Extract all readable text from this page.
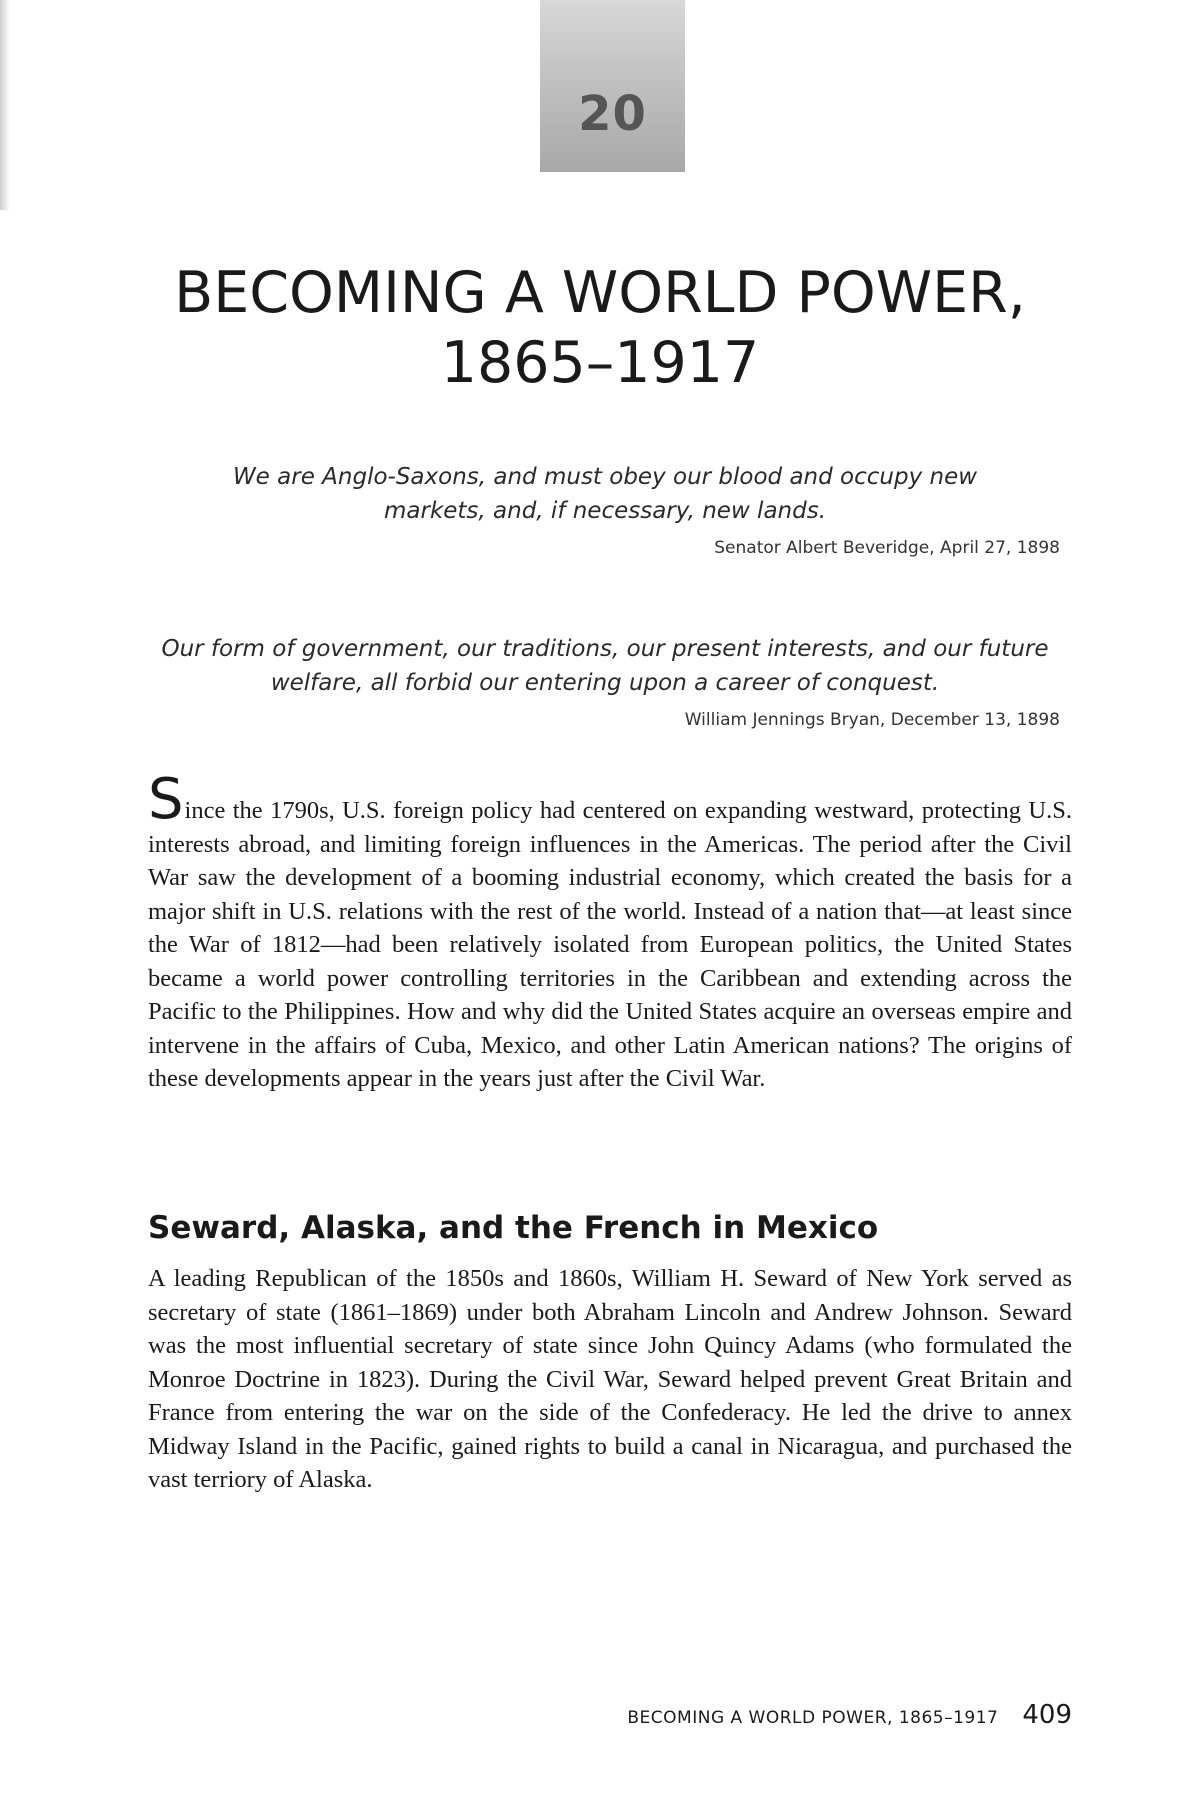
20
BECOMING A WORLD POWER,
1865–1917

We are Anglo-Saxons, and must obey our blood and occupy new markets, and, if necessary, new lands.

Senator Albert Beveridge, April 27, 1898

Our form of government, our traditions, our present interests, and our future welfare, all forbid our entering upon a career of conquest.

William Jennings Bryan, December 13, 1898

Since the 1790s, U.S. foreign policy had centered on expanding westward, protecting U.S. interests abroad, and limiting foreign influences in the Americas. The period after the Civil War saw the development of a booming industrial economy, which created the basis for a major shift in U.S. relations with the rest of the world. Instead of a nation that—at least since the War of 1812—had been relatively isolated from European politics, the United States became a world power controlling territories in the Caribbean and extending across the Pacific to the Philippines. How and why did the United States acquire an overseas empire and intervene in the affairs of Cuba, Mexico, and other Latin American nations? The origins of these developments appear in the years just after the Civil War.

Seward, Alaska, and the French in Mexico

A leading Republican of the 1850s and 1860s, William H. Seward of New York served as secretary of state (1861–1869) under both Abraham Lincoln and Andrew Johnson. Seward was the most influential secretary of state since John Quincy Adams (who formulated the Monroe Doctrine in 1823). During the Civil War, Seward helped prevent Great Britain and France from entering the war on the side of the Confederacy. He led the drive to annex Midway Island in the Pacific, gained rights to build a canal in Nicaragua, and purchased the vast terriory of Alaska.

BECOMING A WORLD POWER, 1865–1917 409
